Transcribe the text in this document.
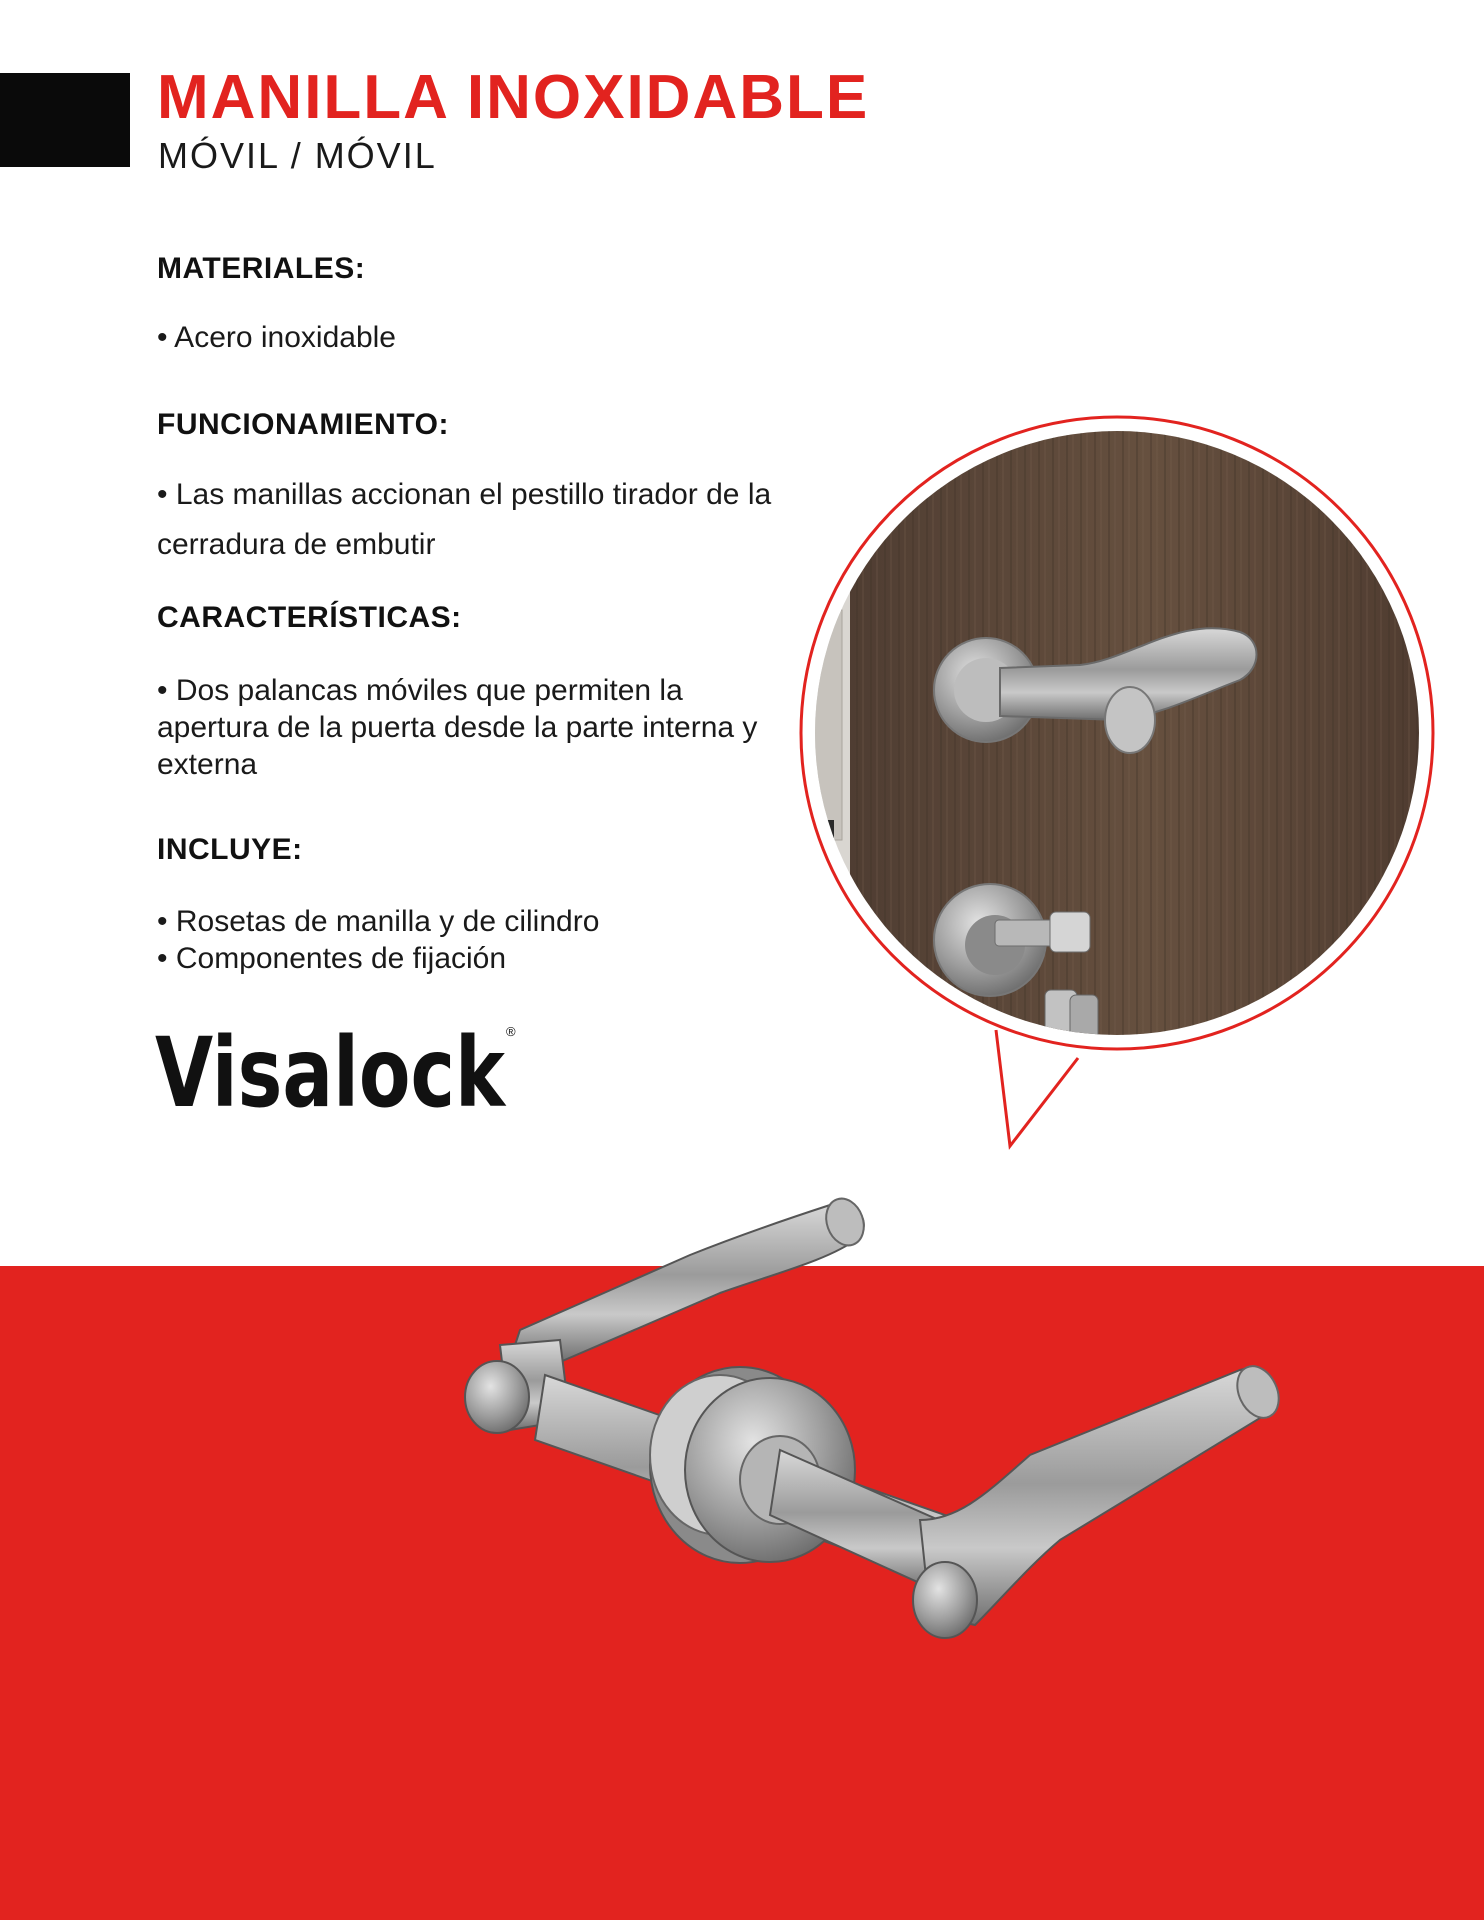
MANILLA INOXIDABLE
MÓVIL / MÓVIL
MATERIALES:

• Acero inoxidable

FUNCIONAMIENTO:

• Las manillas accionan el pestillo tirador de la cerradura de embutir

CARACTERÍSTICAS:

• Dos palancas móviles que permiten la apertura de la puerta desde la parte interna y externa

INCLUYE:

• Rosetas de manilla y de cilindro

• Componentes de fijación

Visalock ®
